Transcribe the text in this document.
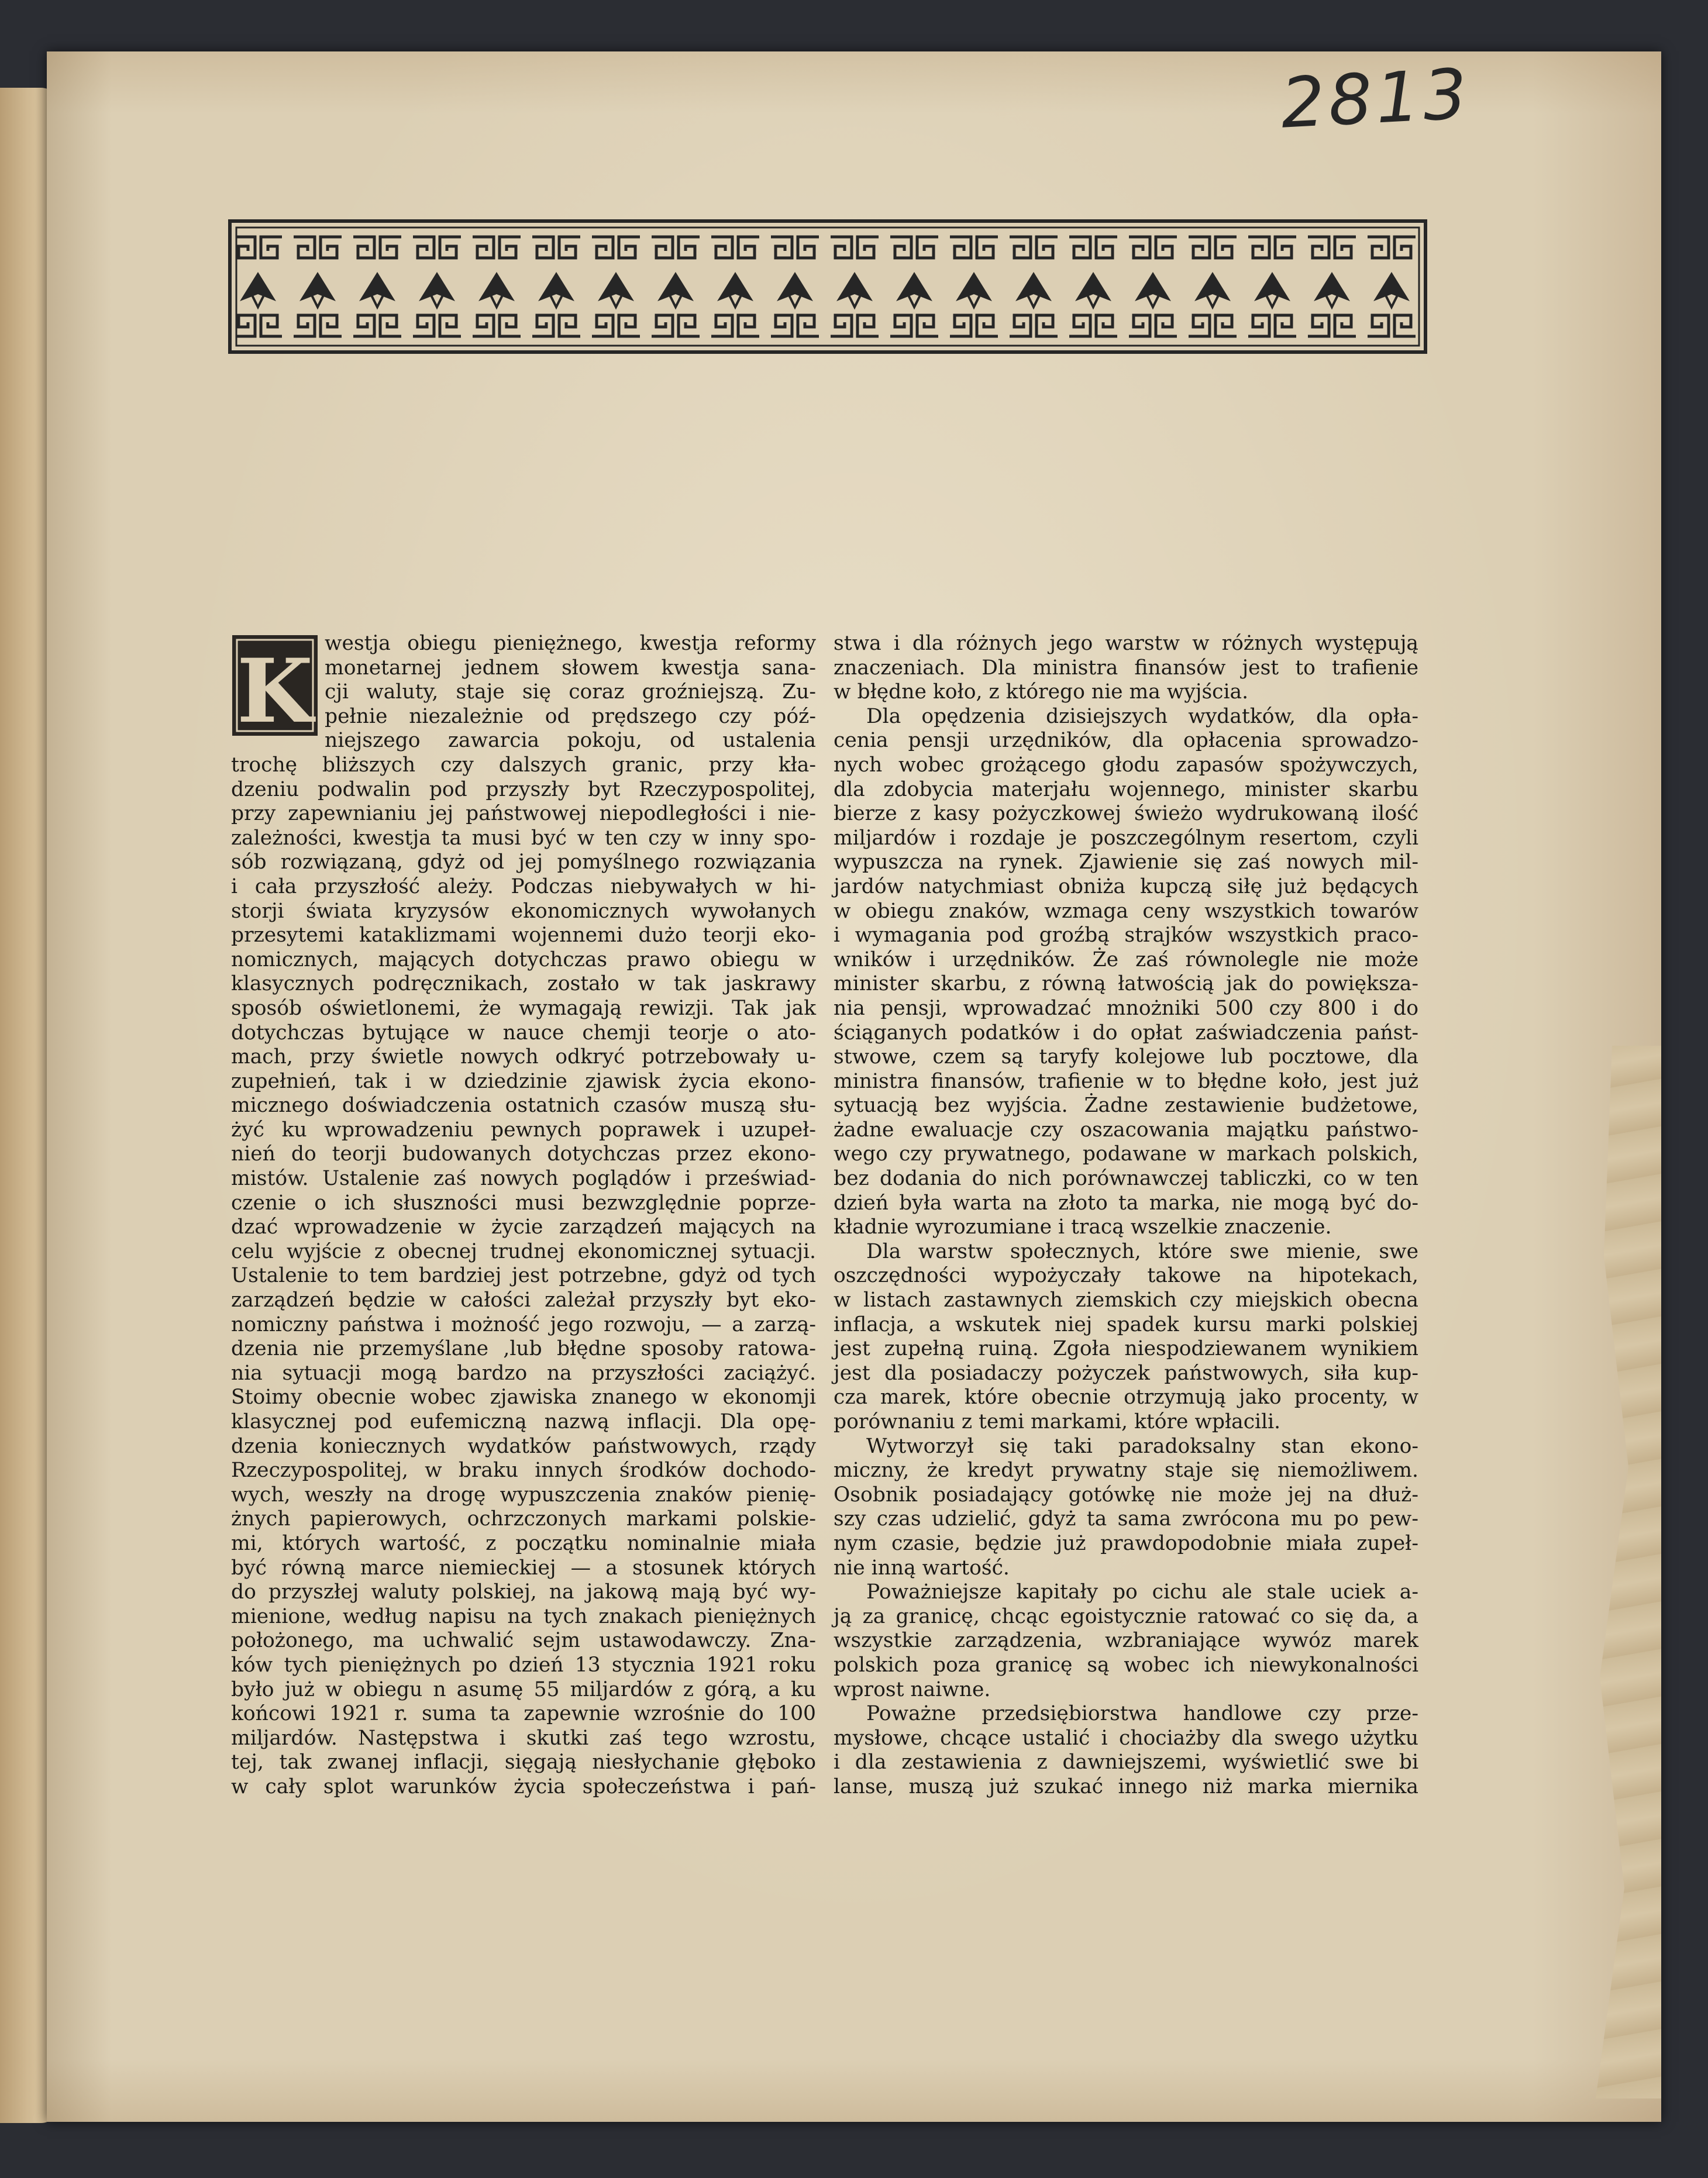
2813
K westja obiegu pieniężnego, kwestja reformy
monetarnej jednem słowem kwestja sana-
cji waluty, staje się coraz groźniejszą. Zu-
pełnie niezależnie od prędszego czy póź-
niejszego zawarcia pokoju, od ustalenia
trochę bliższych czy dalszych granic, przy kła-
dzeniu podwalin pod przyszły byt Rzeczypospolitej,
przy zapewnianiu jej państwowej niepodległości i nie-
zależności, kwestja ta musi być w ten czy w inny spo-
sób rozwiązaną, gdyż od jej pomyślnego rozwiązania
i cała przyszłość ależy. Podczas niebywałych w hi-
storji świata kryzysów ekonomicznych wywołanych
przesytemi kataklizmami wojennemi dużo teorji eko-
nomicznych, mających dotychczas prawo obiegu w
klasycznych podręcznikach, zostało w tak jaskrawy
sposób oświetlonemi, że wymagają rewizji. Tak jak
dotychczas bytujące w nauce chemji teorje o ato-
mach, przy świetle nowych odkryć potrzebowały u-
zupełnień, tak i w dziedzinie zjawisk życia ekono-
micznego doświadczenia ostatnich czasów muszą słu-
żyć ku wprowadzeniu pewnych poprawek i uzupeł-
nień do teorji budowanych dotychczas przez ekono-
mistów. Ustalenie zaś nowych poglądów i przeświad-
czenie o ich słuszności musi bezwzględnie poprze-
dzać wprowadzenie w życie zarządzeń mających na
celu wyjście z obecnej trudnej ekonomicznej sytuacji.
Ustalenie to tem bardziej jest potrzebne, gdyż od tych
zarządzeń będzie w całości zależał przyszły byt eko-
nomiczny państwa i możność jego rozwoju, — a zarzą-
dzenia nie przemyślane ,lub błędne sposoby ratowa-
nia sytuacji mogą bardzo na przyszłości zaciążyć.
Stoimy obecnie wobec zjawiska znanego w ekonomji
klasycznej pod eufemiczną nazwą inflacji. Dla opę-
dzenia koniecznych wydatków państwowych, rządy
Rzeczypospolitej, w braku innych środków dochodo-
wych, weszły na drogę wypuszczenia znaków pienię-
żnych papierowych, ochrzczonych markami polskie-
mi, których wartość, z początku nominalnie miała
być równą marce niemieckiej — a stosunek których
do przyszłej waluty polskiej, na jakową mają być wy-
mienione, według napisu na tych znakach pieniężnych
położonego, ma uchwalić sejm ustawodawczy. Zna-
ków tych pieniężnych po dzień 13 stycznia 1921 roku
było już w obiegu n asumę 55 miljardów z górą, a ku
końcowi 1921 r. suma ta zapewnie wzrośnie do 100
miljardów. Następstwa i skutki zaś tego wzrostu,
tej, tak zwanej inflacji, sięgają niesłychanie głęboko
w cały splot warunków życia społeczeństwa i pań-
stwa i dla różnych jego warstw w różnych występują
znaczeniach. Dla ministra finansów jest to trafienie
w błędne koło, z którego nie ma wyjścia.
Dla opędzenia dzisiejszych wydatków, dla opła-
cenia pensji urzędników, dla opłacenia sprowadzo-
nych wobec grożącego głodu zapasów spożywczych,
dla zdobycia materjału wojennego, minister skarbu
bierze z kasy pożyczkowej świeżo wydrukowaną ilość
miljardów i rozdaje je poszczególnym resertom, czyli
wypuszcza na rynek. Zjawienie się zaś nowych mil-
jardów natychmiast obniża kupczą siłę już będących
w obiegu znaków, wzmaga ceny wszystkich towarów
i wymagania pod groźbą strajków wszystkich praco-
wników i urzędników. Że zaś równolegle nie może
minister skarbu, z równą łatwością jak do powiększa-
nia pensji, wprowadzać mnożniki 500 czy 800 i do
ściąganych podatków i do opłat zaświadczenia państ-
stwowe, czem są taryfy kolejowe lub pocztowe, dla
ministra finansów, trafienie w to błędne koło, jest już
sytuacją bez wyjścia. Żadne zestawienie budżetowe,
żadne ewaluacje czy oszacowania majątku państwo-
wego czy prywatnego, podawane w markach polskich,
bez dodania do nich porównawczej tabliczki, co w ten
dzień była warta na złoto ta marka, nie mogą być do-
kładnie wyrozumiane i tracą wszelkie znaczenie.
Dla warstw społecznych, które swe mienie, swe
oszczędności wypożyczały takowe na hipotekach,
w listach zastawnych ziemskich czy miejskich obecna
inflacja, a wskutek niej spadek kursu marki polskiej
jest zupełną ruiną. Zgoła niespodziewanem wynikiem
jest dla posiadaczy pożyczek państwowych, siła kup-
cza marek, które obecnie otrzymują jako procenty, w
porównaniu z temi markami, które wpłacili.
Wytworzył się taki paradoksalny stan ekono-
miczny, że kredyt prywatny staje się niemożliwem.
Osobnik posiadający gotówkę nie może jej na dłuż-
szy czas udzielić, gdyż ta sama zwrócona mu po pew-
nym czasie, będzie już prawdopodobnie miała zupeł-
nie inną wartość.
Poważniejsze kapitały po cichu ale stale uciek a-
ją za granicę, chcąc egoistycznie ratować co się da, a
wszystkie zarządzenia, wzbraniające wywóz marek
polskich poza granicę są wobec ich niewykonalności
wprost naiwne.
Poważne przedsiębiorstwa handlowe czy prze-
mysłowe, chcące ustalić i chociażby dla swego użytku
i dla zestawienia z dawniejszemi, wyświetlić swe bi
lanse, muszą już szukać innego niż marka miernika
